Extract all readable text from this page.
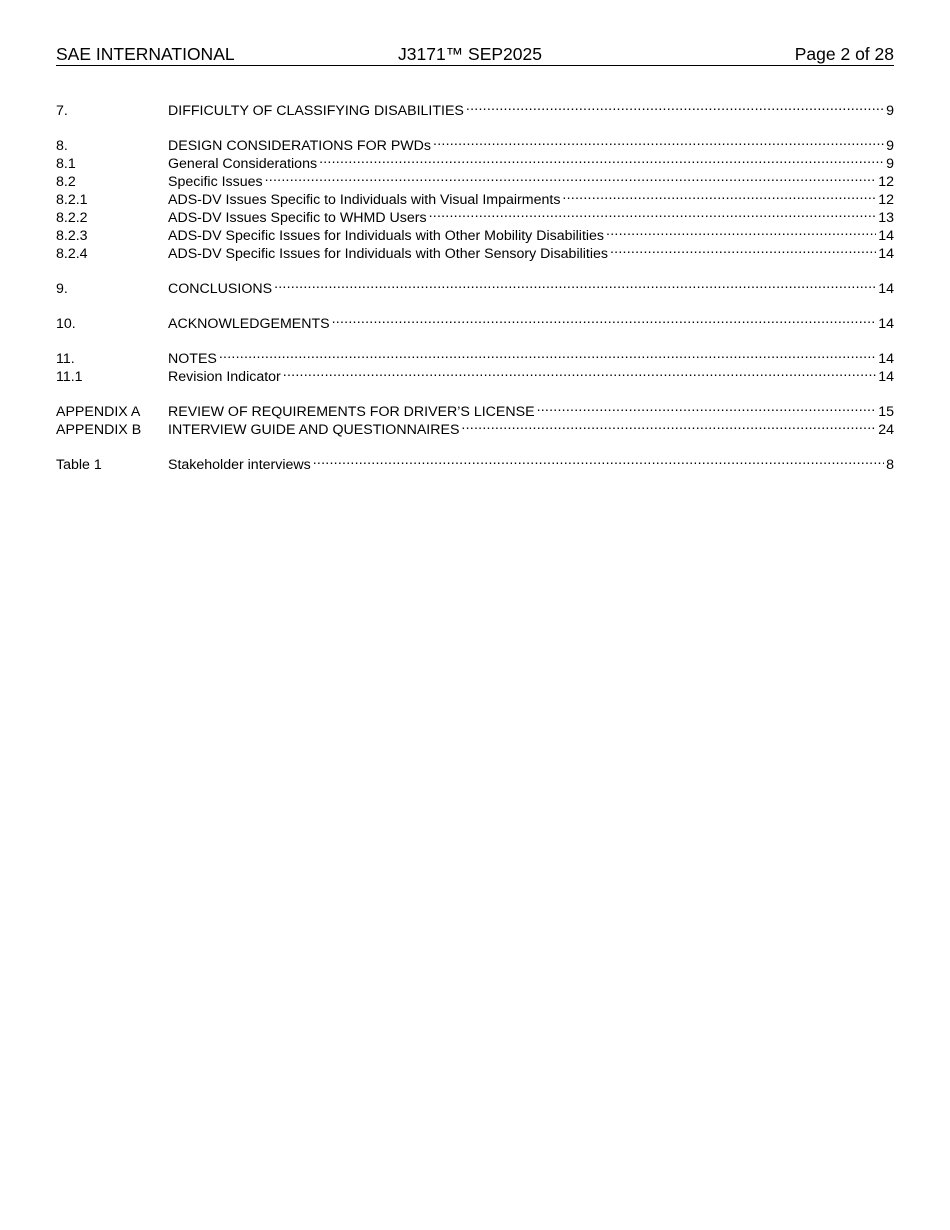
SAE INTERNATIONAL	J3171™ SEP2025	Page 2 of 28
7.	DIFFICULTY OF CLASSIFYING DISABILITIES . . .	9
8.	DESIGN CONSIDERATIONS FOR PWDs . . .	9
8.1	General Considerations . . .	9
8.2	Specific Issues . . .	12
8.2.1	ADS-DV Issues Specific to Individuals with Visual Impairments . . .	12
8.2.2	ADS-DV Issues Specific to WHMD Users . . .	13
8.2.3	ADS-DV Specific Issues for Individuals with Other Mobility Disabilities . . .	14
8.2.4	ADS-DV Specific Issues for Individuals with Other Sensory Disabilities . . .	14
9.	CONCLUSIONS . . .	14
10.	ACKNOWLEDGEMENTS . . .	14
11.	NOTES . . .	14
11.1	Revision Indicator . . .	14
APPENDIX A	REVIEW OF REQUIREMENTS FOR DRIVER’S LICENSE . . .	15
APPENDIX B	INTERVIEW GUIDE AND QUESTIONNAIRES . . .	24
Table 1	Stakeholder interviews . . .	8
